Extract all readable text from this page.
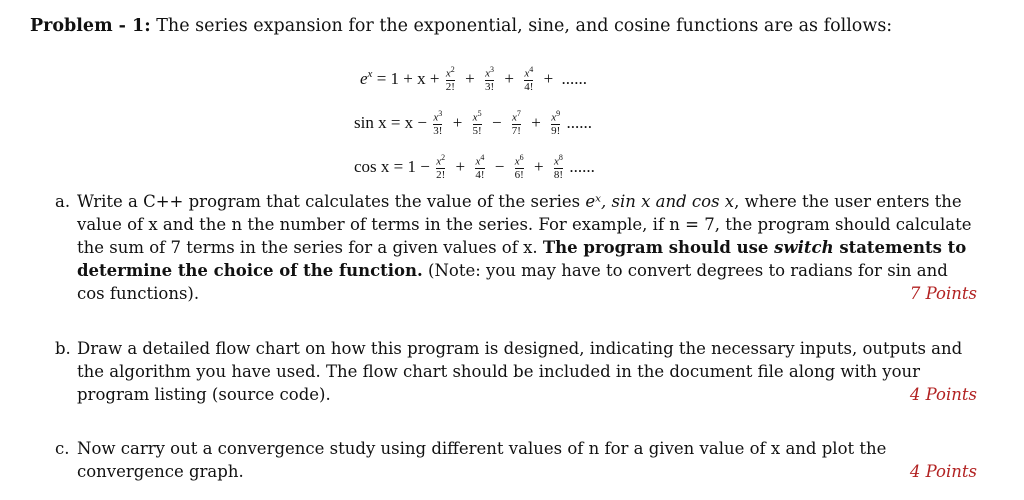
Problem - 1: The series expansion for the exponential, sine, and cosine functions are as follows:
$e^x = 1 + x + \frac{x^2}{2!} + \frac{x^3}{3!} + \frac{x^4}{4!}$ + ......
$\sin x = x - \frac{x^3}{3!} + \frac{x^5}{5!} - \frac{x^7}{7!} + \frac{x^9}{9!}$ ......
$\cos x = 1 - \frac{x^2}{2!} + \frac{x^4}{4!} - \frac{x^6}{6!} + \frac{x^8}{8!}$ ......
a. Write a C++ program that calculates the value of the series eˣ, sin x and cos x, where the user enters the value of x and the n the number of terms in the series. For example, if n = 7, the program should calculate the sum of 7 terms in the series for a given values of x. The program should use switch statements to determine the choice of the function. (Note: you may have to convert degrees to radians for sin and cos functions).	7 Points
b. Draw a detailed flow chart on how this program is designed, indicating the necessary inputs, outputs and the algorithm you have used. The flow chart should be included in the document file along with your program listing (source code).	4 Points
c. Now carry out a convergence study using different values of n for a given value of x and plot the convergence graph.	4 Points
